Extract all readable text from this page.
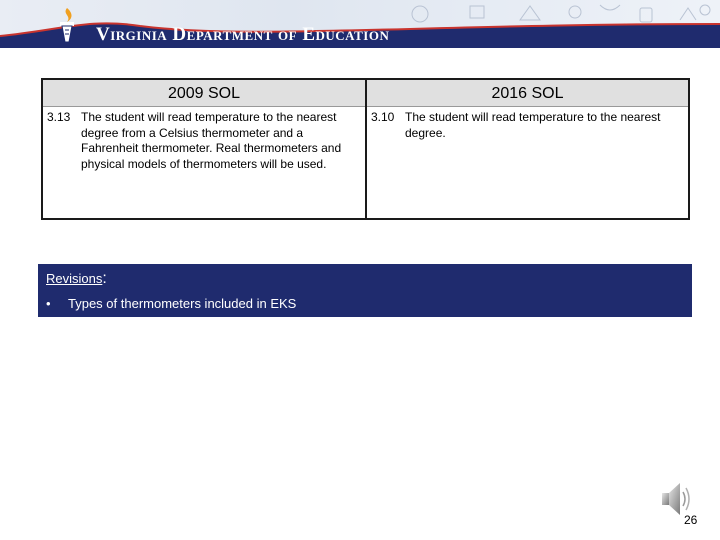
Virginia Department of Education
2009 SOL
3.13 The student will read temperature to the nearest degree from a Celsius thermometer and a Fahrenheit thermometer. Real thermometers and physical models of thermometers will be used.
2016 SOL
3.10 The student will read temperature to the nearest degree.
Revisions:
•	Types of thermometers included in EKS
26
